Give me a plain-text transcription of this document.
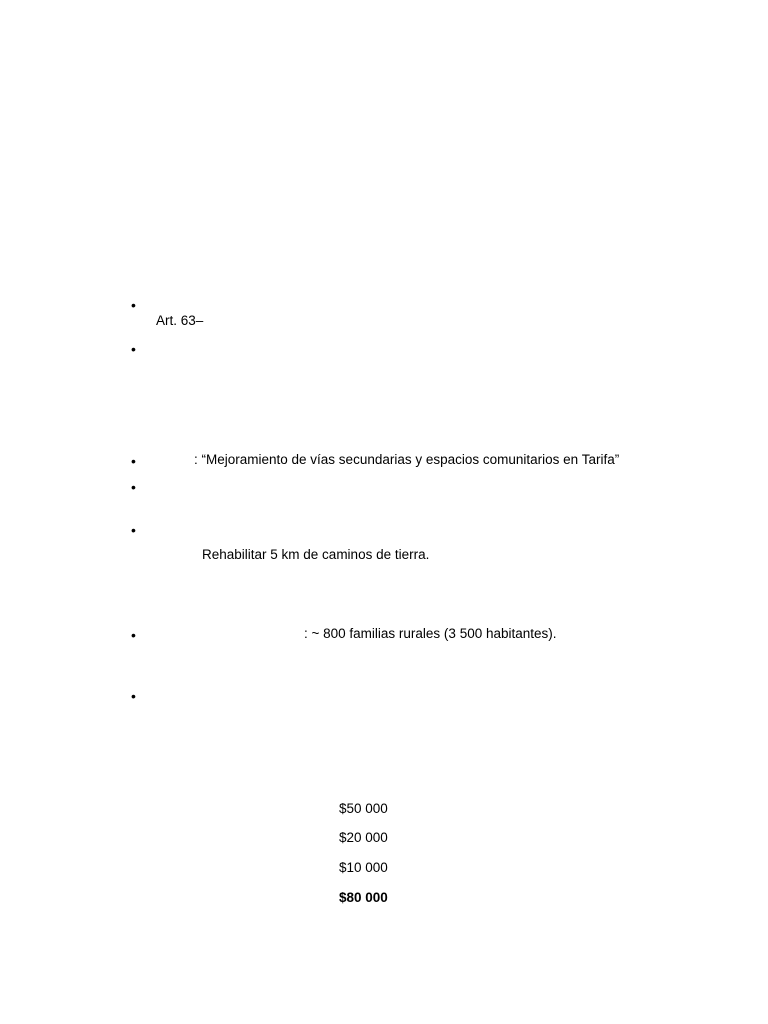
•
Art. 63–
•
•	: “Mejoramiento de vías secundarias y espacios comunitarios en Tarifa”
•
•
Rehabilitar 5 km de caminos de tierra.
•	: ~ 800 familias rurales (3 500 habitantes).
•
$50 000
$20 000
$10 000
$80 000
